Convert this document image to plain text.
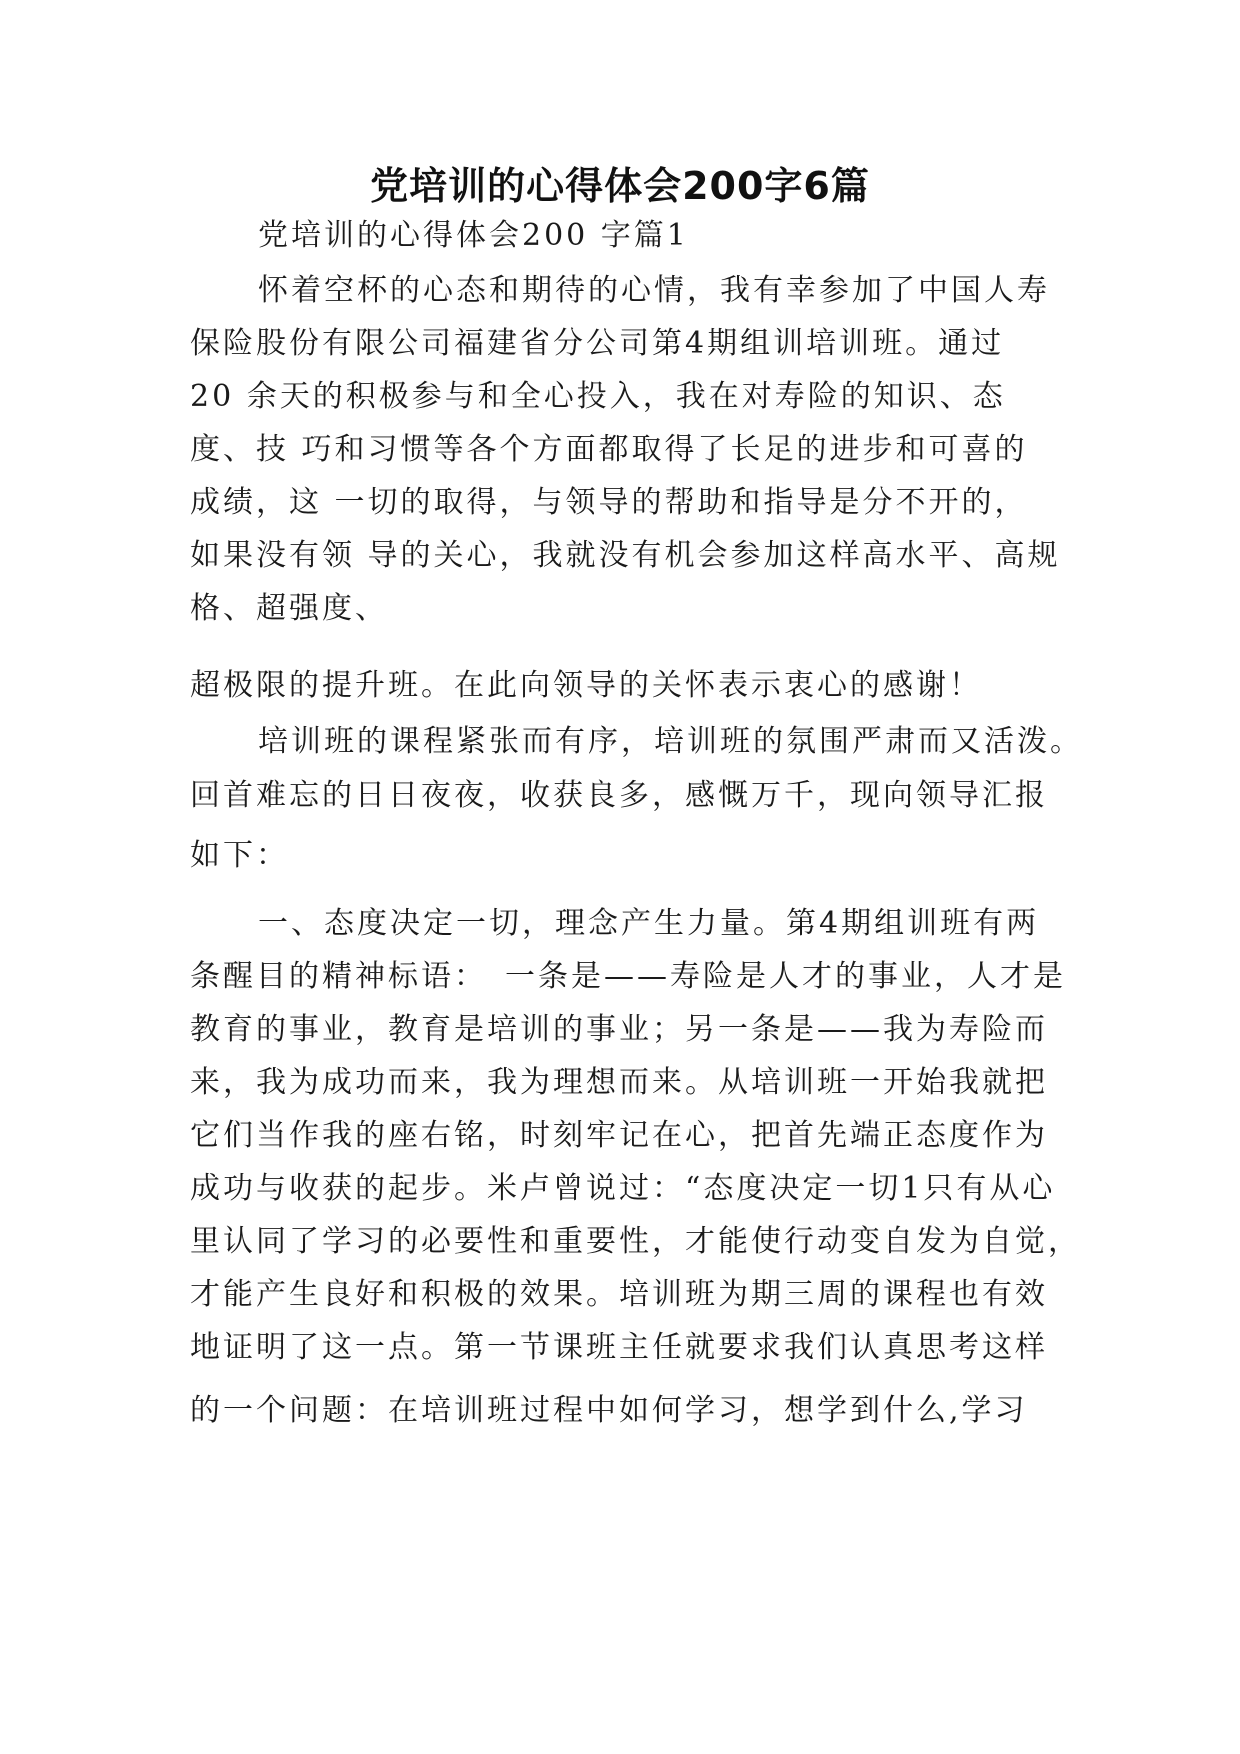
党培训的心得体会200字6篇
党培训的心得体会200 字篇1
怀着空杯的心态和期待的心情，我有幸参加了中国人寿
保险股份有限公司福建省分公司第4期组训培训班。通过
20 余天的积极参与和全心投入，我在对寿险的知识、态
度、技 巧和习惯等各个方面都取得了长足的进步和可喜的
成绩，这 一切的取得，与领导的帮助和指导是分不开的，
如果没有领 导的关心，我就没有机会参加这样高水平、高规
格、超强度、
超极限的提升班。在此向领导的关怀表示衷心的感谢！
培训班的课程紧张而有序，培训班的氛围严肃而又活泼。
回首难忘的日日夜夜，收获良多，感慨万千，现向领导汇报
如下：
一、态度决定一切，理念产生力量。第4期组训班有两
条醒目的精神标语：　一条是——寿险是人才的事业，人才是
教育的事业，教育是培训的事业；另一条是——我为寿险而
来，我为成功而来，我为理想而来。从培训班一开始我就把
它们当作我的座右铭，时刻牢记在心，把首先端正态度作为
成功与收获的起步。米卢曾说过：“态度决定一切1只有从心
里认同了学习的必要性和重要性，才能使行动变自发为自觉，
才能产生良好和积极的效果。培训班为期三周的课程也有效
地证明了这一点。第一节课班主任就要求我们认真思考这样
的一个问题：在培训班过程中如何学习，想学到什么,学习
